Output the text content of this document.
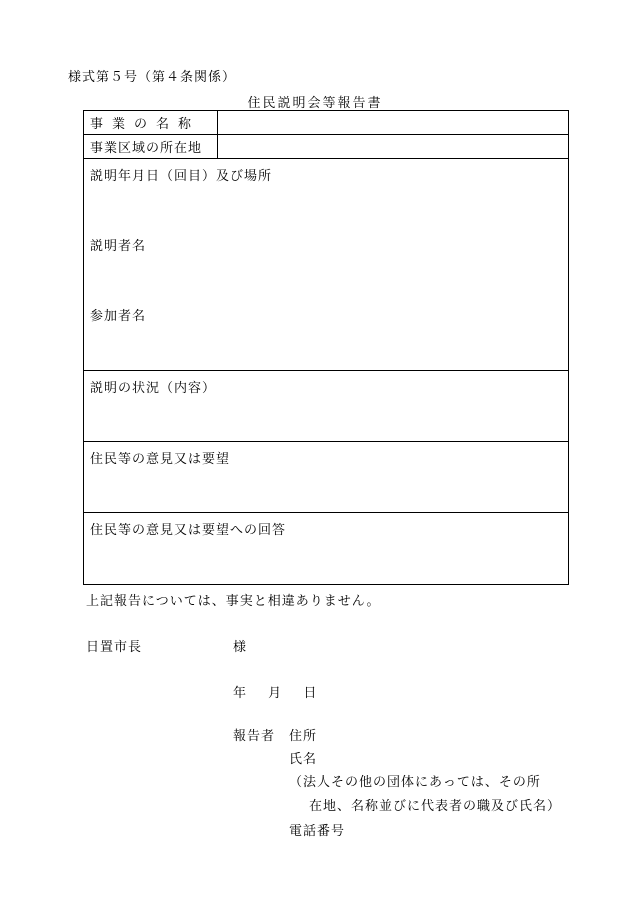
様式第５号（第４条関係）
住民説明会等報告書
事業の名称	
事業区域の所在地	

説明年月日（回目）及び場所
説明者名
参加者名	

説明の状況（内容）	

住民等の意見又は要望	

住民等の意見又は要望への回答	
上記報告については、事実と相違ありません。
日置市長	様
年 月 日
報告者 住所
氏名
（法人その他の団体にあっては、その所
在地、名称並びに代表者の職及び氏名）
電話番号
